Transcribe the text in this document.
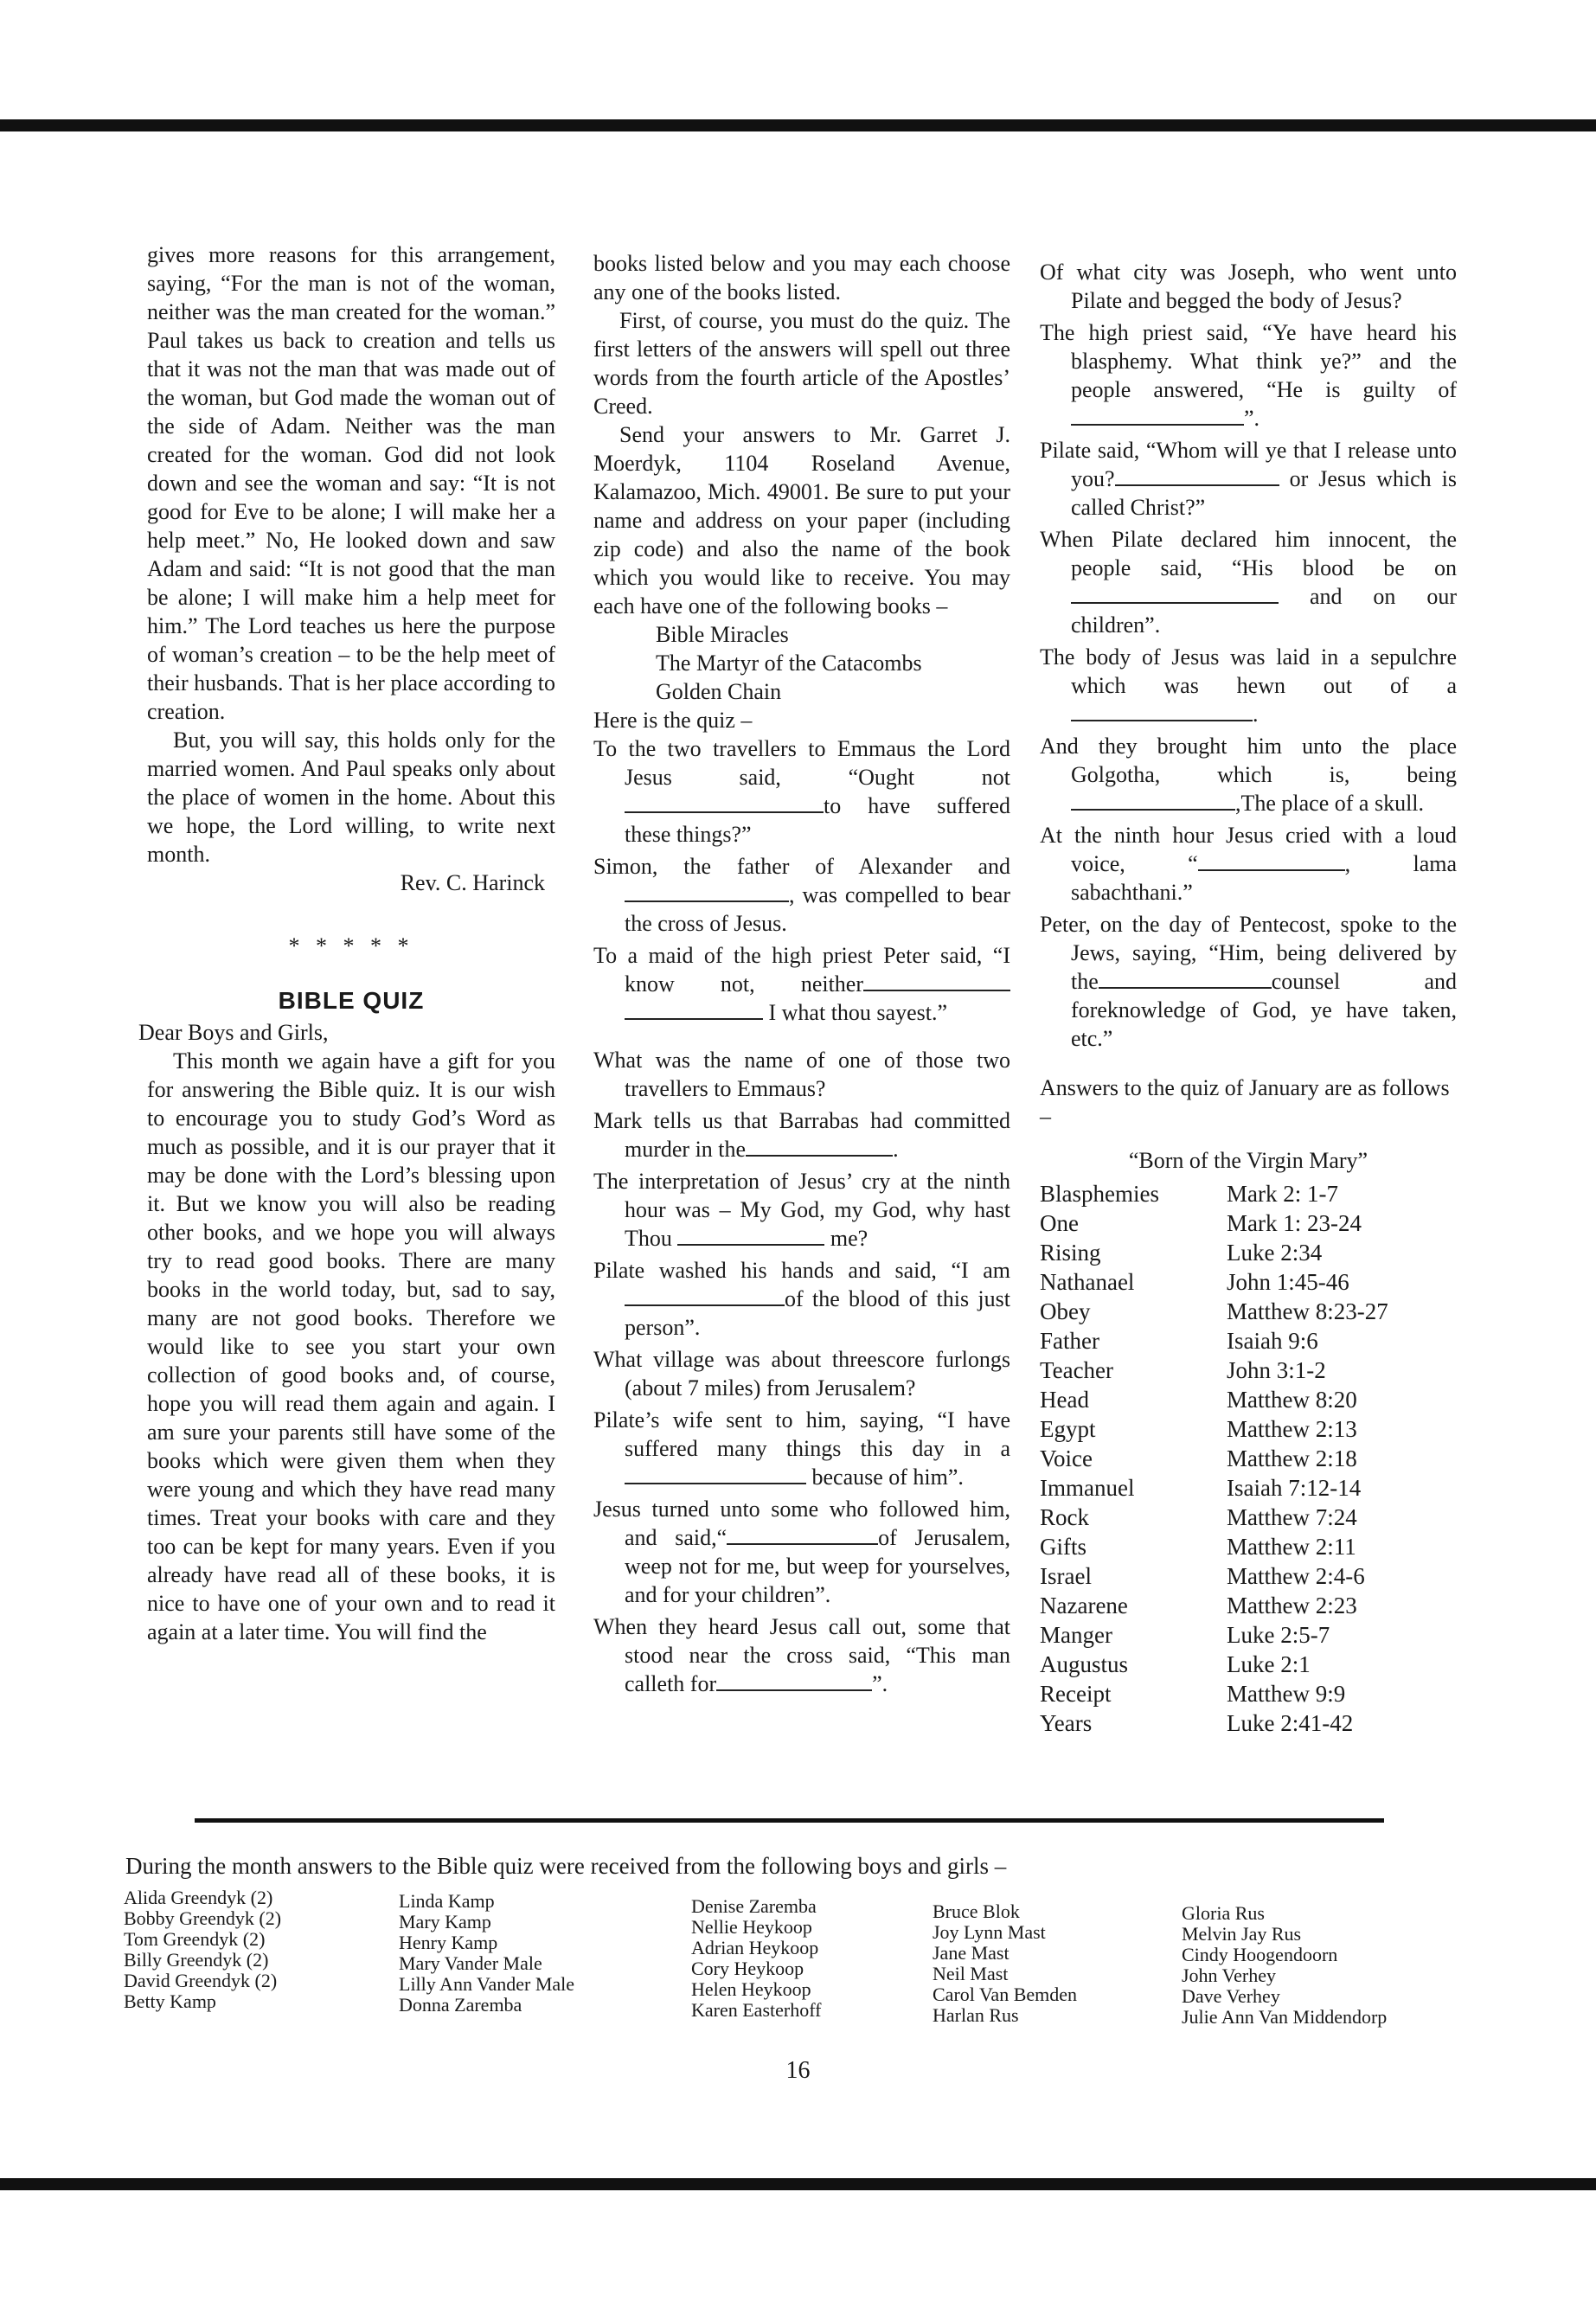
gives more reasons for this arrangement, saying, “For the man is not of the woman, neither was the man created for the woman.” Paul takes us back to creation and tells us that it was not the man that was made out of the woman, but God made the woman out of the side of Adam. Neither was the man created for the woman. God did not look down and see the woman and say: “It is not good for Eve to be alone; I will make her a help meet.” No, He looked down and saw Adam and said: “It is not good that the man be alone; I will make him a help meet for him.” The Lord teaches us here the purpose of woman’s creation – to be the help meet of their husbands. That is her place according to creation.

But, you will say, this holds only for the married women. And Paul speaks only about the place of women in the home. About this we hope, the Lord willing, to write next month.

Rev. C. Harinck

* * * * *

BIBLE QUIZ

Dear Boys and Girls,

This month we again have a gift for you for answering the Bible quiz. It is our wish to encourage you to study God’s Word as much as possible, and it is our prayer that it may be done with the Lord’s blessing upon it. But we know you will also be reading other books, and we hope you will always try to read good books. There are many books in the world today, but, sad to say, many are not good books. Therefore we would like to see you start your own collection of good books and, of course, hope you will read them again and again. I am sure your parents still have some of the books which were given them when they were young and which they have read many times. Treat your books with care and they too can be kept for many years. Even if you already have read all of these books, it is nice to have one of your own and to read it again at a later time. You will find the

books listed below and you may each choose any one of the books listed.

First, of course, you must do the quiz. The first letters of the answers will spell out three words from the fourth article of the Apostles’ Creed.

Send your answers to Mr. Garret J. Moerdyk, 1104 Roseland Avenue, Kalamazoo, Mich. 49001. Be sure to put your name and address on your paper (including zip code) and also the name of the book which you would like to receive. You may each have one of the following books –

Bible Miracles

The Martyr of the Catacombs

Golden Chain

Here is the quiz –

To the two travellers to Emmaus the Lord Jesus said, “Ought not to have suffered these things?”

Simon, the father of Alexander and , was compelled to bear the cross of Jesus.

To a maid of the high priest Peter said, “I know not, neither  I what thou sayest.”

What was the name of one of those two travellers to Emmaus?

Mark tells us that Barrabas had committed murder in the	.

The interpretation of Jesus’ cry at the ninth hour was – My God, my God, why hast Thou	me?

Pilate washed his hands and said, “I am of the blood of this just person”.

What village was about threescore furlongs (about 7 miles) from Jerusalem?

Pilate’s wife sent to him, saying, “I have suffered many things this day in a because of him”.

Jesus turned unto some who followed him, and said,“	of Jerusalem, weep not for me, but weep for yourselves, and for your children”.

When they heard Jesus call out, some that stood near the cross said, “This man calleth for	”.

Of what city was Joseph, who went unto Pilate and begged the body of Jesus?

The high priest said, “Ye have heard his blasphemy. What think ye?” and the people answered, “He is guilty of”.

Pilate said, “Whom will ye that I release unto you?	or Jesus which is called Christ?”

When Pilate declared him innocent, the people said, “His blood be on  and on our children”.

The body of Jesus was laid in a sepulchre which was hewn out of a .

And they brought him unto the place Golgotha, which is, being ,The place of a skull.

At the ninth hour Jesus cried with a loud voice, “	, lama sabachthani.”

Peter, on the day of Pentecost, spoke to the Jews, saying, “Him, being delivered by the	counsel and foreknowledge of God, ye have taken, etc.”

Answers to the quiz of January are as follows –

“Born of the Virgin Mary”

Blasphemies	Mark 2: 1-7
One	Mark 1: 23-24
Rising	Luke 2:34
Nathanael	John 1:45-46
Obey	Matthew 8:23-27
Father	Isaiah 9:6
Teacher	John 3:1-2
Head	Matthew 8:20
Egypt	Matthew 2:13
Voice	Matthew 2:18
Immanuel	Isaiah 7:12-14
Rock	Matthew 7:24
Gifts	Matthew 2:11
Israel	Matthew 2:4-6
Nazarene	Matthew 2:23
Manger	Luke 2:5-7
Augustus	Luke 2:1
Receipt	Matthew 9:9
Years	Luke 2:41-42

During the month answers to the Bible quiz were received from the following boys and girls –

Alida Greendyk (2)
Bobby Greendyk (2)
Tom Greendyk (2)
Billy Greendyk (2)
David Greendyk (2)
Betty Kamp
Linda Kamp
Mary Kamp
Henry Kamp
Mary Vander Male
Lilly Ann Vander Male
Donna Zaremba
Denise Zaremba
Nellie Heykoop
Adrian Heykoop
Cory Heykoop
Helen Heykoop
Karen Easterhoff
Bruce Blok
Joy Lynn Mast
Jane Mast
Neil Mast
Carol Van Bemden
Harlan Rus
Gloria Rus
Melvin Jay Rus
Cindy Hoogendoorn
John Verhey
Dave Verhey
Julie Ann Van Middendorp
16
